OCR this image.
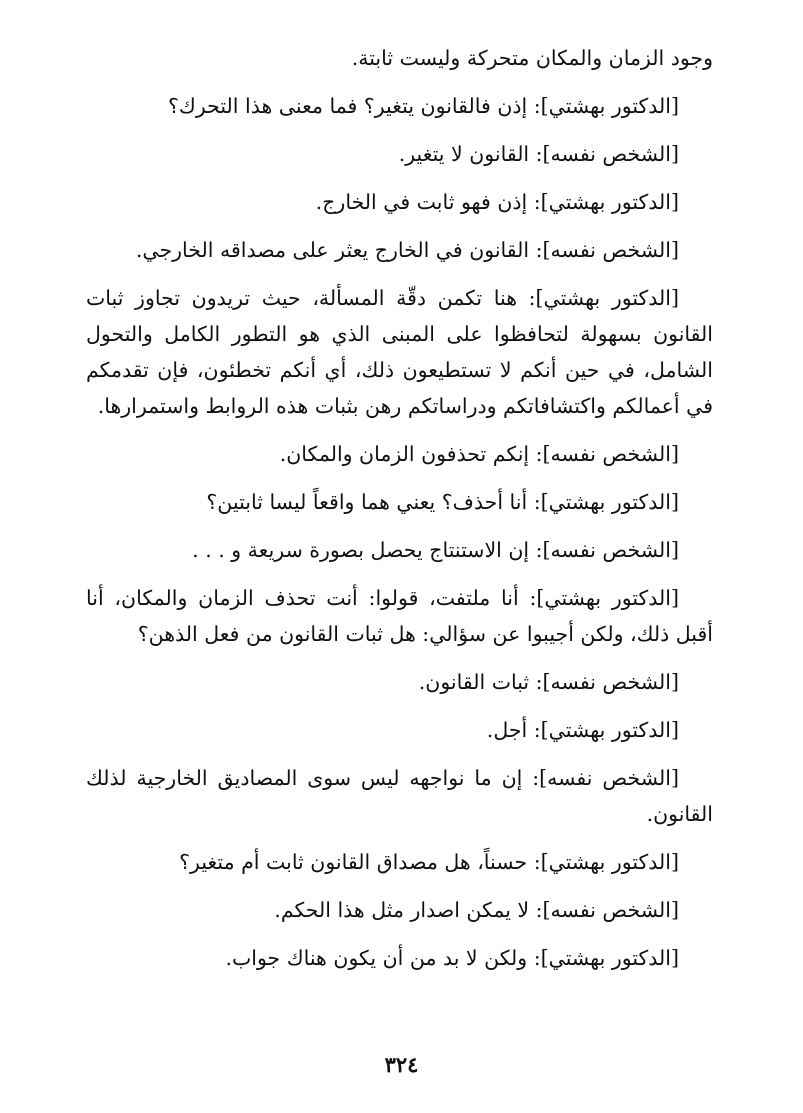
وجود الزمان والمكان متحركة وليست ثابتة.

[الدكتور بهشتي]: إذن فالقانون يتغير؟ فما معنى هذا التحرك؟

[الشخص نفسه]: القانون لا يتغير.

[الدكتور بهشتي]: إذن فهو ثابت في الخارج.

[الشخص نفسه]: القانون في الخارج يعثر على مصداقه الخارجي.

[الدكتور بهشتي]: هنا تكمن دقّة المسألة، حيث تريدون تجاوز ثبات القانون بسهولة لتحافظوا على المبنى الذي هو التطور الكامل والتحول الشامل، في حين أنكم لا تستطيعون ذلك، أي أنكم تخطئون، فإن تقدمكم في أعمالكم واكتشافاتكم ودراساتكم رهن بثبات هذه الروابط واستمرارها.

[الشخص نفسه]: إنكم تحذفون الزمان والمكان.

[الدكتور بهشتي]: أنا أحذف؟ يعني هما واقعاً ليسا ثابتين؟

[الشخص نفسه]: إن الاستنتاج يحصل بصورة سريعة و . . .

[الدكتور بهشتي]: أنا ملتفت، قولوا: أنت تحذف الزمان والمكان، أنا أقبل ذلك، ولكن أجيبوا عن سؤالي: هل ثبات القانون من فعل الذهن؟

[الشخص نفسه]: ثبات القانون.

[الدكتور بهشتي]: أجل.

[الشخص نفسه]: إن ما نواجهه ليس سوى المصاديق الخارجية لذلك القانون.

[الدكتور بهشتي]: حسناً، هل مصداق القانون ثابت أم متغير؟

[الشخص نفسه]: لا يمكن اصدار مثل هذا الحكم.

[الدكتور بهشتي]: ولكن لا بد من أن يكون هناك جواب.

٣٢٤
